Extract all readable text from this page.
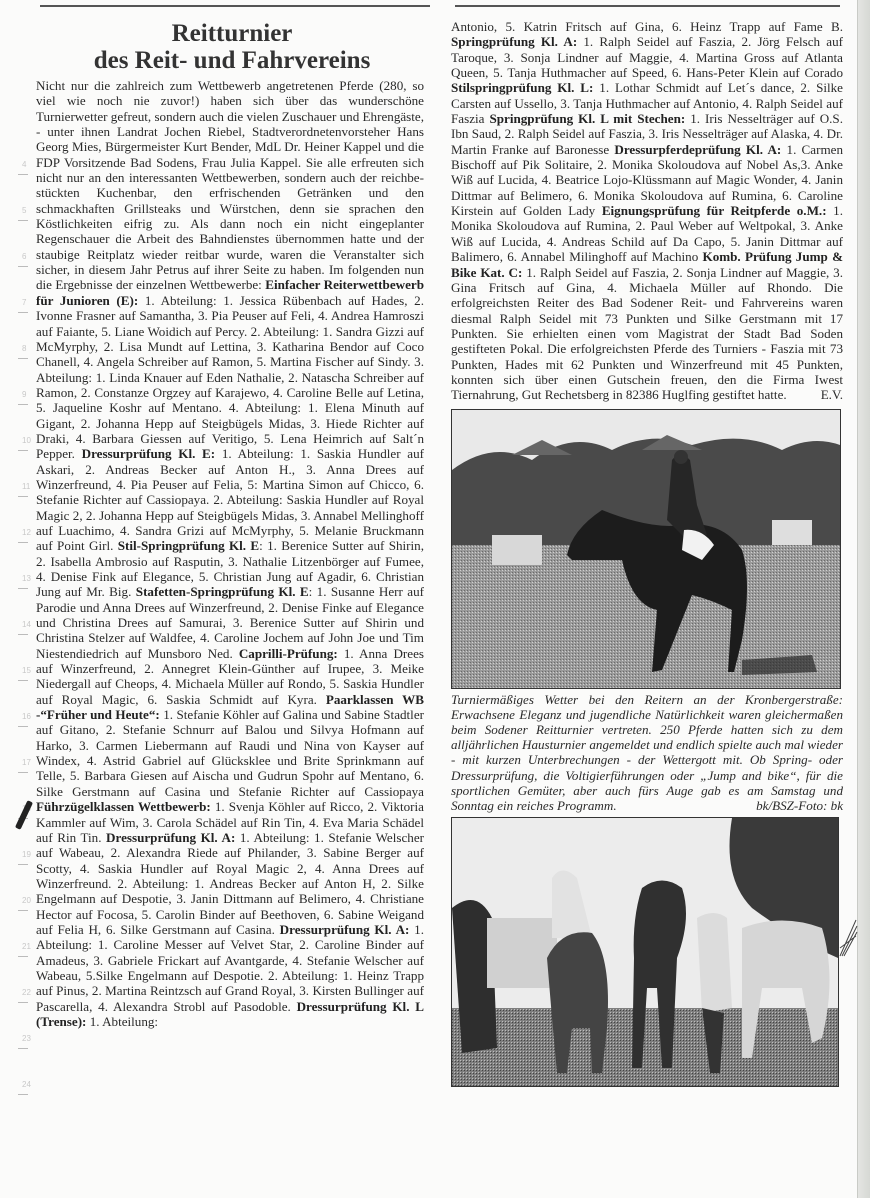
4
5
6
7
8
9
10
11
12
13
14
15
16
17
19
20
21
22
23
24
Reitturnier
des Reit- und Fahrvereins

Nicht nur die zahlreich zum Wettbewerb angetretenen Pferde (280, so viel wie noch nie zuvor!) haben sich über das wunderschöne Turnierwetter gefreut, sondern auch die vielen Zuschauer und Ehrengäste, - unter ihnen Landrat Jochen Riebel, Stadtverordnetenvorsteher Hans Georg Mies, Bürgermeister Kurt Bender, MdL Dr. Heiner Kappel und die FDP Vorsitzende Bad Sodens, Frau Julia Kappel. Sie alle erfreuten sich nicht nur an den interessanten Wettbewerben, sondern auch der reichbestückten Kuchenbar, den erfrischenden Getränken und den schmackhaften Grillsteaks und Würstchen, denn sie sprachen den Köstlichkeiten eifrig zu. Als dann noch ein nicht eingeplanter Regenschauer die Arbeit des Bahndienstes übernommen hatte und der staubige Reitplatz wieder reitbar wurde, waren die Veranstalter sich sicher, in diesem Jahr Petrus auf ihrer Seite zu haben. Im folgenden nun die Ergebnisse der einzelnen Wettbewerbe: Einfacher Reiterwettbewerb für Junioren (E): 1. Abteilung: 1. Jessica Rübenbach auf Hades, 2. Ivonne Frasner auf Samantha, 3. Pia Peuser auf Feli, 4. Andrea Hamroszi auf Faiante, 5. Liane Woidich auf Percy. 2. Abteilung: 1. Sandra Gizzi auf McMyrphy, 2. Lisa Mundt auf Lettina, 3. Katharina Bendor auf Coco Chanell, 4. Angela Schreiber auf Ramon, 5. Martina Fischer auf Sindy. 3. Abteilung: 1. Linda Knauer auf Eden Nathalie, 2. Natascha Schreiber auf Ramon, 2. Constanze Orgzey auf Karajewo, 4. Caroline Belle auf Letina, 5. Jaqueline Koshr auf Mentano. 4. Abteilung: 1. Elena Minuth auf Gigant, 2. Johanna Hepp auf Steigbügels Midas, 3. Hiede Richter auf Draki, 4. Barbara Giessen auf Veritigo, 5. Lena Heimrich auf Salt´n Pepper. Dressurprüfung Kl. E: 1. Abteilung: 1. Saskia Hundler auf Askari, 2. Andreas Becker auf Anton H., 3. Anna Drees auf Winzerfreund, 4. Pia Peuser auf Felia, 5: Martina Simon auf Chicco, 6. Stefanie Richter auf Cassiopaya. 2. Abteilung: Saskia Hundler auf Royal Magic 2, 2. Johanna Hepp auf Steigbügels Midas, 3. Annabel Mellinghoff auf Luachimo, 4. Sandra Grizi auf McMyrphy, 5. Melanie Bruckmann auf Point Girl. Stil-Springprüfung Kl. E: 1. Berenice Sutter auf Shirin, 2. Isabella Ambrosio auf Rasputin, 3. Nathalie Litzenbörger auf Fumee, 4. Denise Fink auf Elegance, 5. Christian Jung auf Agadir, 6. Christian Jung auf Mr. Big. Stafetten-Springprüfung Kl. E: 1. Susanne Herr auf Parodie und Anna Drees auf Winzerfreund, 2. Denise Finke auf Elegance und Christina Drees auf Samurai, 3. Berenice Sutter auf Shirin und Christina Stelzer auf Waldfee, 4. Caroline Jochem auf John Joe und Tim Niestendiedrich auf Munsboro Ned. Caprilli-Prüfung: 1. Anna Drees auf Winzerfreund, 2. Annegret Klein-Günther auf Irupee, 3. Meike Niedergall auf Cheops, 4. Michaela Müller auf Rondo, 5. Saskia Hundler auf Royal Magic, 6. Saskia Schmidt auf Kyra. Paarklassen WB -“Früher und Heute“: 1. Stefanie Köhler auf Galina und Sabine Stadtler auf Gitano, 2. Stefanie Schnurr auf Balou und Silvya Hofmann auf Harko, 3. Carmen Liebermann auf Raudi und Nina von Kayser auf Windex, 4. Astrid Gabriel auf Glücksklee und Brite Sprinkmann auf Telle, 5. Barbara Giesen auf Aischa und Gudrun Spohr auf Mentano, 6. Silke Gerstmann auf Casina und Stefanie Richter auf Cassiopaya Führzügelklassen Wettbewerb: 1. Svenja Köhler auf Ricco, 2. Viktoria Kammler auf Wim, 3. Carola Schädel auf Rin Tin, 4. Eva Maria Schädel auf Rin Tin. Dressurprüfung Kl. A: 1. Abteilung: 1. Stefanie Welscher auf Wabeau, 2. Alexandra Riede auf Philander, 3. Sabine Berger auf Scotty, 4. Saskia Hundler auf Royal Magic 2, 4. Anna Drees auf Winzerfreund. 2. Abteilung: 1. Andreas Becker auf Anton H, 2. Silke Engelmann auf Despotie, 3. Janin Dittmann auf Belimero, 4. Christiane Hector auf Focosa, 5. Carolin Binder auf Beethoven, 6. Sabine Weigand auf Felia H, 6. Silke Gerstmann auf Casina. Dressurprüfung Kl. A: 1. Abteilung: 1. Caroline Messer auf Velvet Star, 2. Caroline Binder auf Amadeus, 3. Gabriele Frickart auf Avantgarde, 4. Stefanie Welscher auf Wabeau, 5.Silke Engelmann auf Despotie. 2. Abteilung: 1. Heinz Trapp auf Pinus, 2. Martina Reintzsch auf Grand Royal, 3. Kirsten Bullinger auf Pascarella, 4. Alexandra Strobl auf Pasodoble. Dressurprüfung Kl. L (Trense): 1. Abteilung:

Antonio, 5. Katrin Fritsch auf Gina, 6. Heinz Trapp auf Fame B. Springprüfung Kl. A: 1. Ralph Seidel auf Faszia, 2. Jörg Felsch auf Taroque, 3. Sonja Lindner auf Maggie, 4. Martina Gross auf Atlanta Queen, 5. Tanja Huthmacher auf Speed, 6. Hans-Peter Klein auf Corado Stilspringprüfung Kl. L: 1. Lothar Schmidt auf Let´s dance, 2. Silke Carsten auf Ussello, 3. Tanja Huthmacher auf Antonio, 4. Ralph Seidel auf Faszia Springprüfung Kl. L mit Stechen: 1. Iris Nesselträger auf O.S. Ibn Saud, 2. Ralph Seidel auf Faszia, 3. Iris Nesselträger auf Alaska, 4. Dr. Martin Franke auf Baronesse Dressurpferdeprüfung Kl. A: 1. Carmen Bischoff auf Pik Solitaire, 2. Monika Skoloudova auf Nobel As,3. Anke Wiß auf Lucida, 4. Beatrice Lojo-Klüssmann auf Magic Wonder, 4. Janin Dittmar auf Belimero, 6. Monika Skoloudova auf Rumina, 6. Caroline Kirstein auf Golden Lady Eignungsprüfung für Reitpferde o.M.: 1. Monika Skoloudova auf Rumina, 2. Paul Weber auf Weltpokal, 3. Anke Wiß auf Lucida, 4. Andreas Schild auf Da Capo, 5. Janin Dittmar auf Balimero, 6. Annabel Milinghoff auf Machino Komb. Prüfung Jump & Bike Kat. C: 1. Ralph Seidel auf Faszia, 2. Sonja Lindner auf Maggie, 3. Gina Fritsch auf Gina, 4. Michaela Müller auf Rhondo. Die erfolgreichsten Reiter des Bad Sodener Reit- und Fahrvereins waren diesmal Ralph Seidel mit 73 Punkten und Silke Gerstmann mit 17 Punkten. Sie erhielten einen vom Magistrat der Stadt Bad Soden gestifteten Pokal. Die erfolgreichsten Pferde des Turniers - Faszia mit 73 Punkten, Hades mit 62 Punkten und Winzerfreund mit 45 Punkten, konnten sich über einen Gutschein freuen, den die Firma Iwest Tiernahrung, Gut Rechetsberg in 82386 Huglfing gestiftet hatte.	E.V.

Turniermäßiges Wetter bei den Reitern an der Kronbergerstraße: Erwachsene Eleganz und jugendliche Natürlichkeit waren gleichermaßen beim Sodener Reitturnier vertreten. 250 Pferde hatten sich zu dem alljährlichen Hausturnier angemeldet und endlich spielte auch mal wieder - mit kurzen Unterbrechungen - der Wettergott mit. Ob Spring- oder Dressurprüfung, die Voltigierführungen oder „Jump and bike“, für die sportlichen Gemüter, aber auch fürs Auge gab es am Samstag und Sonntag ein reiches Programm.	bk/BSZ-Foto: bk
